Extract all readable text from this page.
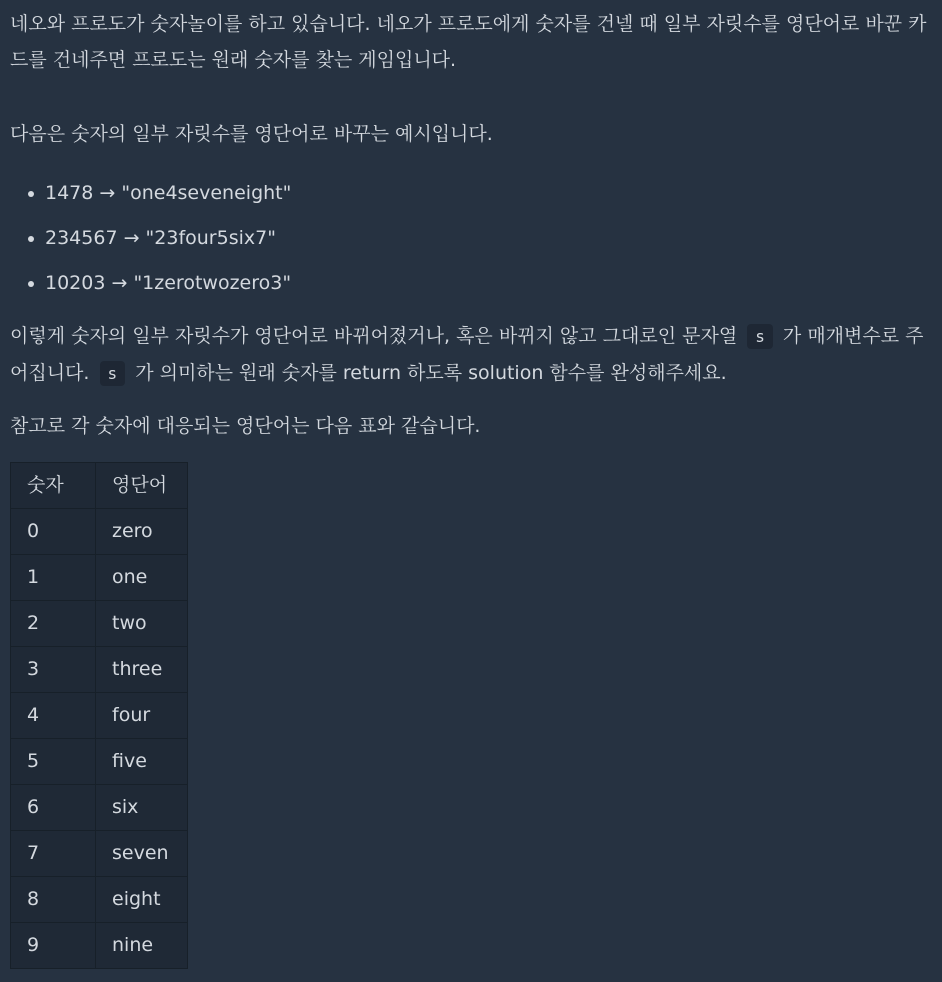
네오와 프로도가 숫자놀이를 하고 있습니다. 네오가 프로도에게 숫자를 건넬 때 일부 자릿수를 영단어로 바꾼 카드를 건네주면 프로도는 원래 숫자를 찾는 게임입니다.

다음은 숫자의 일부 자릿수를 영단어로 바꾸는 예시입니다.

1478 → "one4seveneight"
234567 → "23four5six7"
10203 → "1zerotwozero3"

이렇게 숫자의 일부 자릿수가 영단어로 바뀌어졌거나, 혹은 바뀌지 않고 그대로인 문자열 s 가 매개변수로 주어집니다. s 가 의미하는 원래 숫자를 return 하도록 solution 함수를 완성해주세요.

참고로 각 숫자에 대응되는 영단어는 다음 표와 같습니다.

숫자	영단어
0	zero
1	one
2	two
3	three
4	four
5	five
6	six
7	seven
8	eight
9	nine
